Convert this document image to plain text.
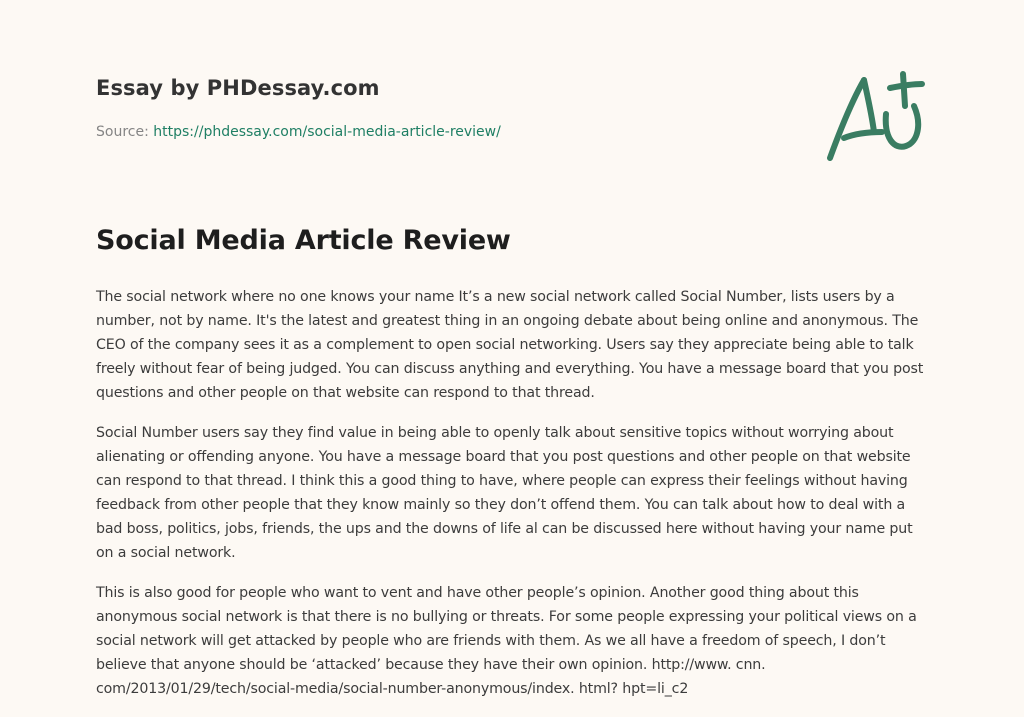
Essay by PHDessay.com
Source: https://phdessay.com/social-media-article-review/
Social Media Article Review

The social network where no one knows your name It’s a new social network called Social Number, lists users by a number, not by name. It's the latest and greatest thing in an ongoing debate about being online and anonymous. The CEO of the company sees it as a complement to open social networking. Users say they appreciate being able to talk freely without fear of being judged. You can discuss anything and everything. You have a message board that you post questions and other people on that website can respond to that thread.

Social Number users say they find value in being able to openly talk about sensitive topics without worrying about alienating or offending anyone. You have a message board that you post questions and other people on that website can respond to that thread. I think this a good thing to have, where people can express their feelings without having feedback from other people that they know mainly so they don’t offend them. You can talk about how to deal with a bad boss, politics, jobs, friends, the ups and the downs of life al can be discussed here without having your name put on a social network.

This is also good for people who want to vent and have other people’s opinion. Another good thing about this anonymous social network is that there is no bullying or threats. For some people expressing your political views on a social network will get attacked by people who are friends with them. As we all have a freedom of speech, I don’t believe that anyone should be ‘attacked’ because they have their own opinion. http://www. cnn. com/2013/01/29/tech/social-media/social-number-anonymous/index. html? hpt=li_c2
